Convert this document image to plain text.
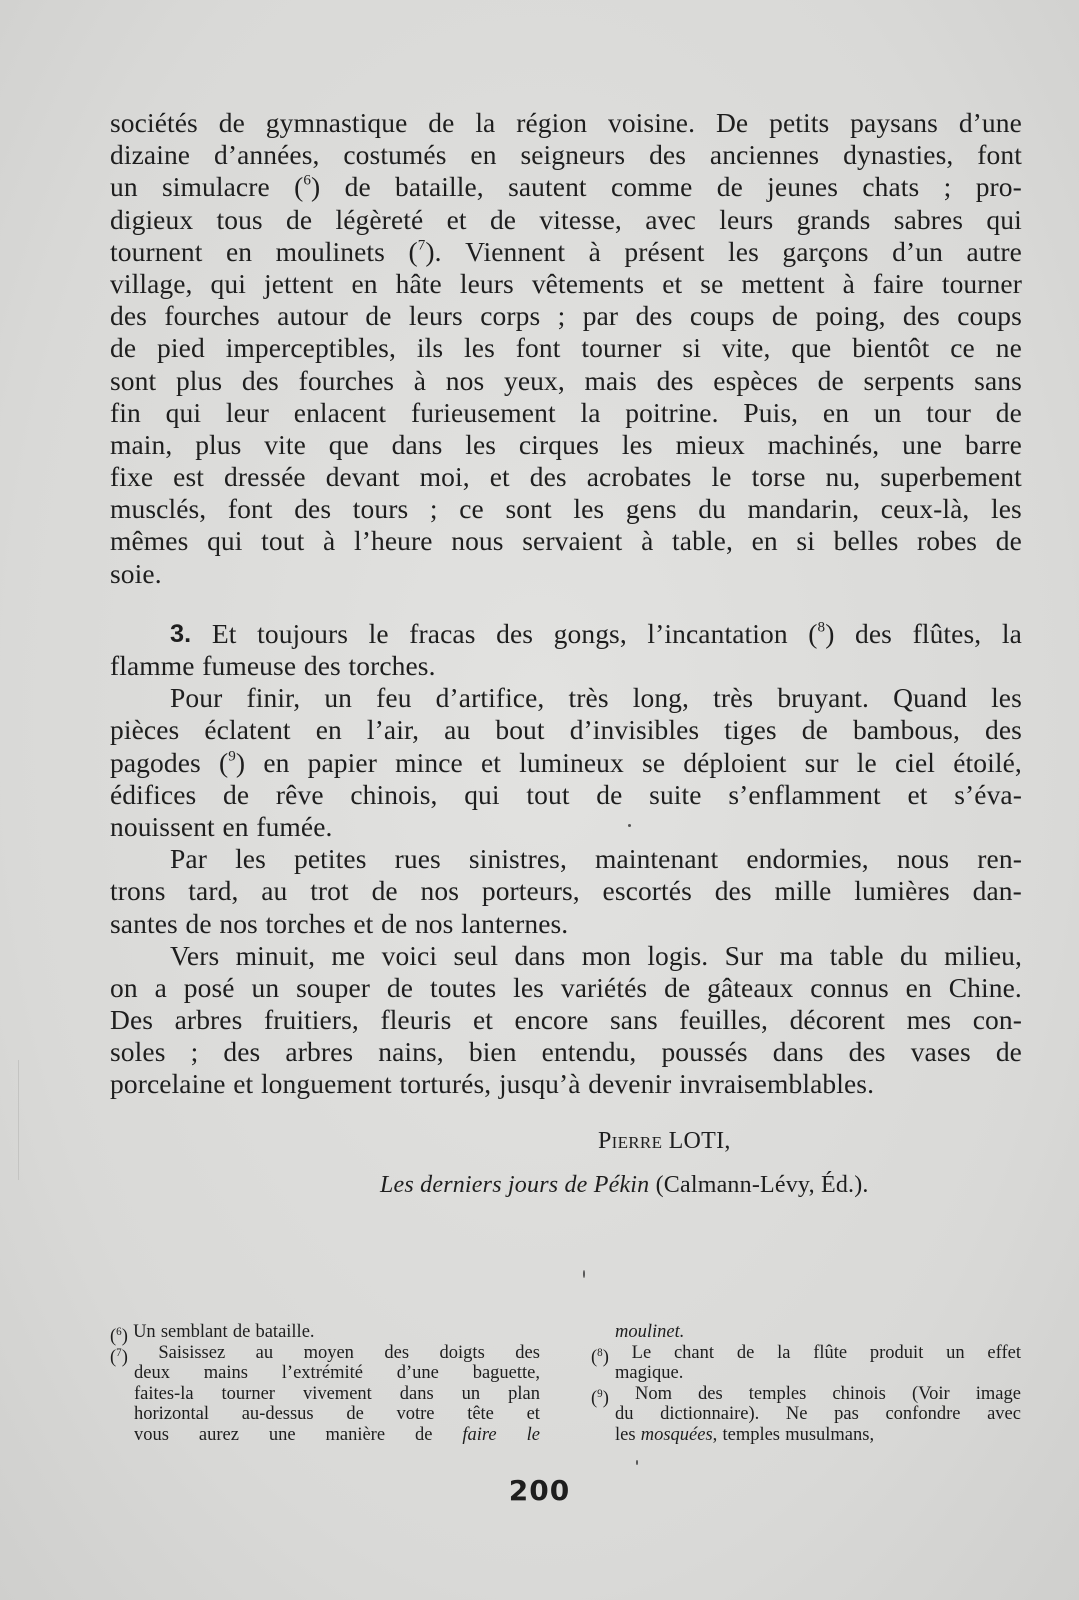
sociétés de gymnastique de la région voisine. De petits paysans d’une
dizaine d’années, costumés en seigneurs des anciennes dynasties, font
un simulacre ($^6$) de bataille, sautent comme de jeunes chats ; pro-
digieux tous de légèreté et de vitesse, avec leurs grands sabres qui
tournent en moulinets ($^7$). Viennent à présent les garçons d’un autre
village, qui jettent en hâte leurs vêtements et se mettent à faire tourner
des fourches autour de leurs corps ; par des coups de poing, des coups
de pied imperceptibles, ils les font tourner si vite, que bientôt ce ne
sont plus des fourches à nos yeux, mais des espèces de serpents sans
fin qui leur enlacent furieusement la poitrine. Puis, en un tour de
main, plus vite que dans les cirques les mieux machinés, une barre
fixe est dressée devant moi, et des acrobates le torse nu, superbement
musclés, font des tours ; ce sont les gens du mandarin, ceux-là, les
mêmes qui tout à l’heure nous servaient à table, en si belles robes de
soie.
3. Et toujours le fracas des gongs, l’incantation ($^8$) des flûtes, la
flamme fumeuse des torches.
Pour finir, un feu d’artifice, très long, très bruyant. Quand les
pièces éclatent en l’air, au bout d’invisibles tiges de bambous, des
pagodes ($^9$) en papier mince et lumineux se déploient sur le ciel étoilé,
édifices de rêve chinois, qui tout de suite s’enflamment et s’éva-
nouissent en fumée.
Par les petites rues sinistres, maintenant endormies, nous ren-
trons tard, au trot de nos porteurs, escortés des mille lumières dan-
santes de nos torches et de nos lanternes.
Vers minuit, me voici seul dans mon logis. Sur ma table du milieu,
on a posé un souper de toutes les variétés de gâteaux connus en Chine.
Des arbres fruitiers, fleuris et encore sans feuilles, décorent mes con-
soles ; des arbres nains, bien entendu, poussés dans des vases de
porcelaine et longuement torturés, jusqu’à devenir invraisemblables.
Pierre LOTI,
Les derniers jours de Pékin (Calmann-Lévy, Éd.).
($^6$) Un semblant de bataille.
($^7$) Saisissez au moyen des doigts des
deux mains l’extrémité d’une baguette,
faites-la tourner vivement dans un plan
horizontal au-dessus de votre tête et
vous aurez une manière de faire le
moulinet.
($^8$) Le chant de la flûte produit un effet
magique.
($^9$) Nom des temples chinois (Voir image
du dictionnaire). Ne pas confondre avec
les mosquées, temples musulmans,
200
